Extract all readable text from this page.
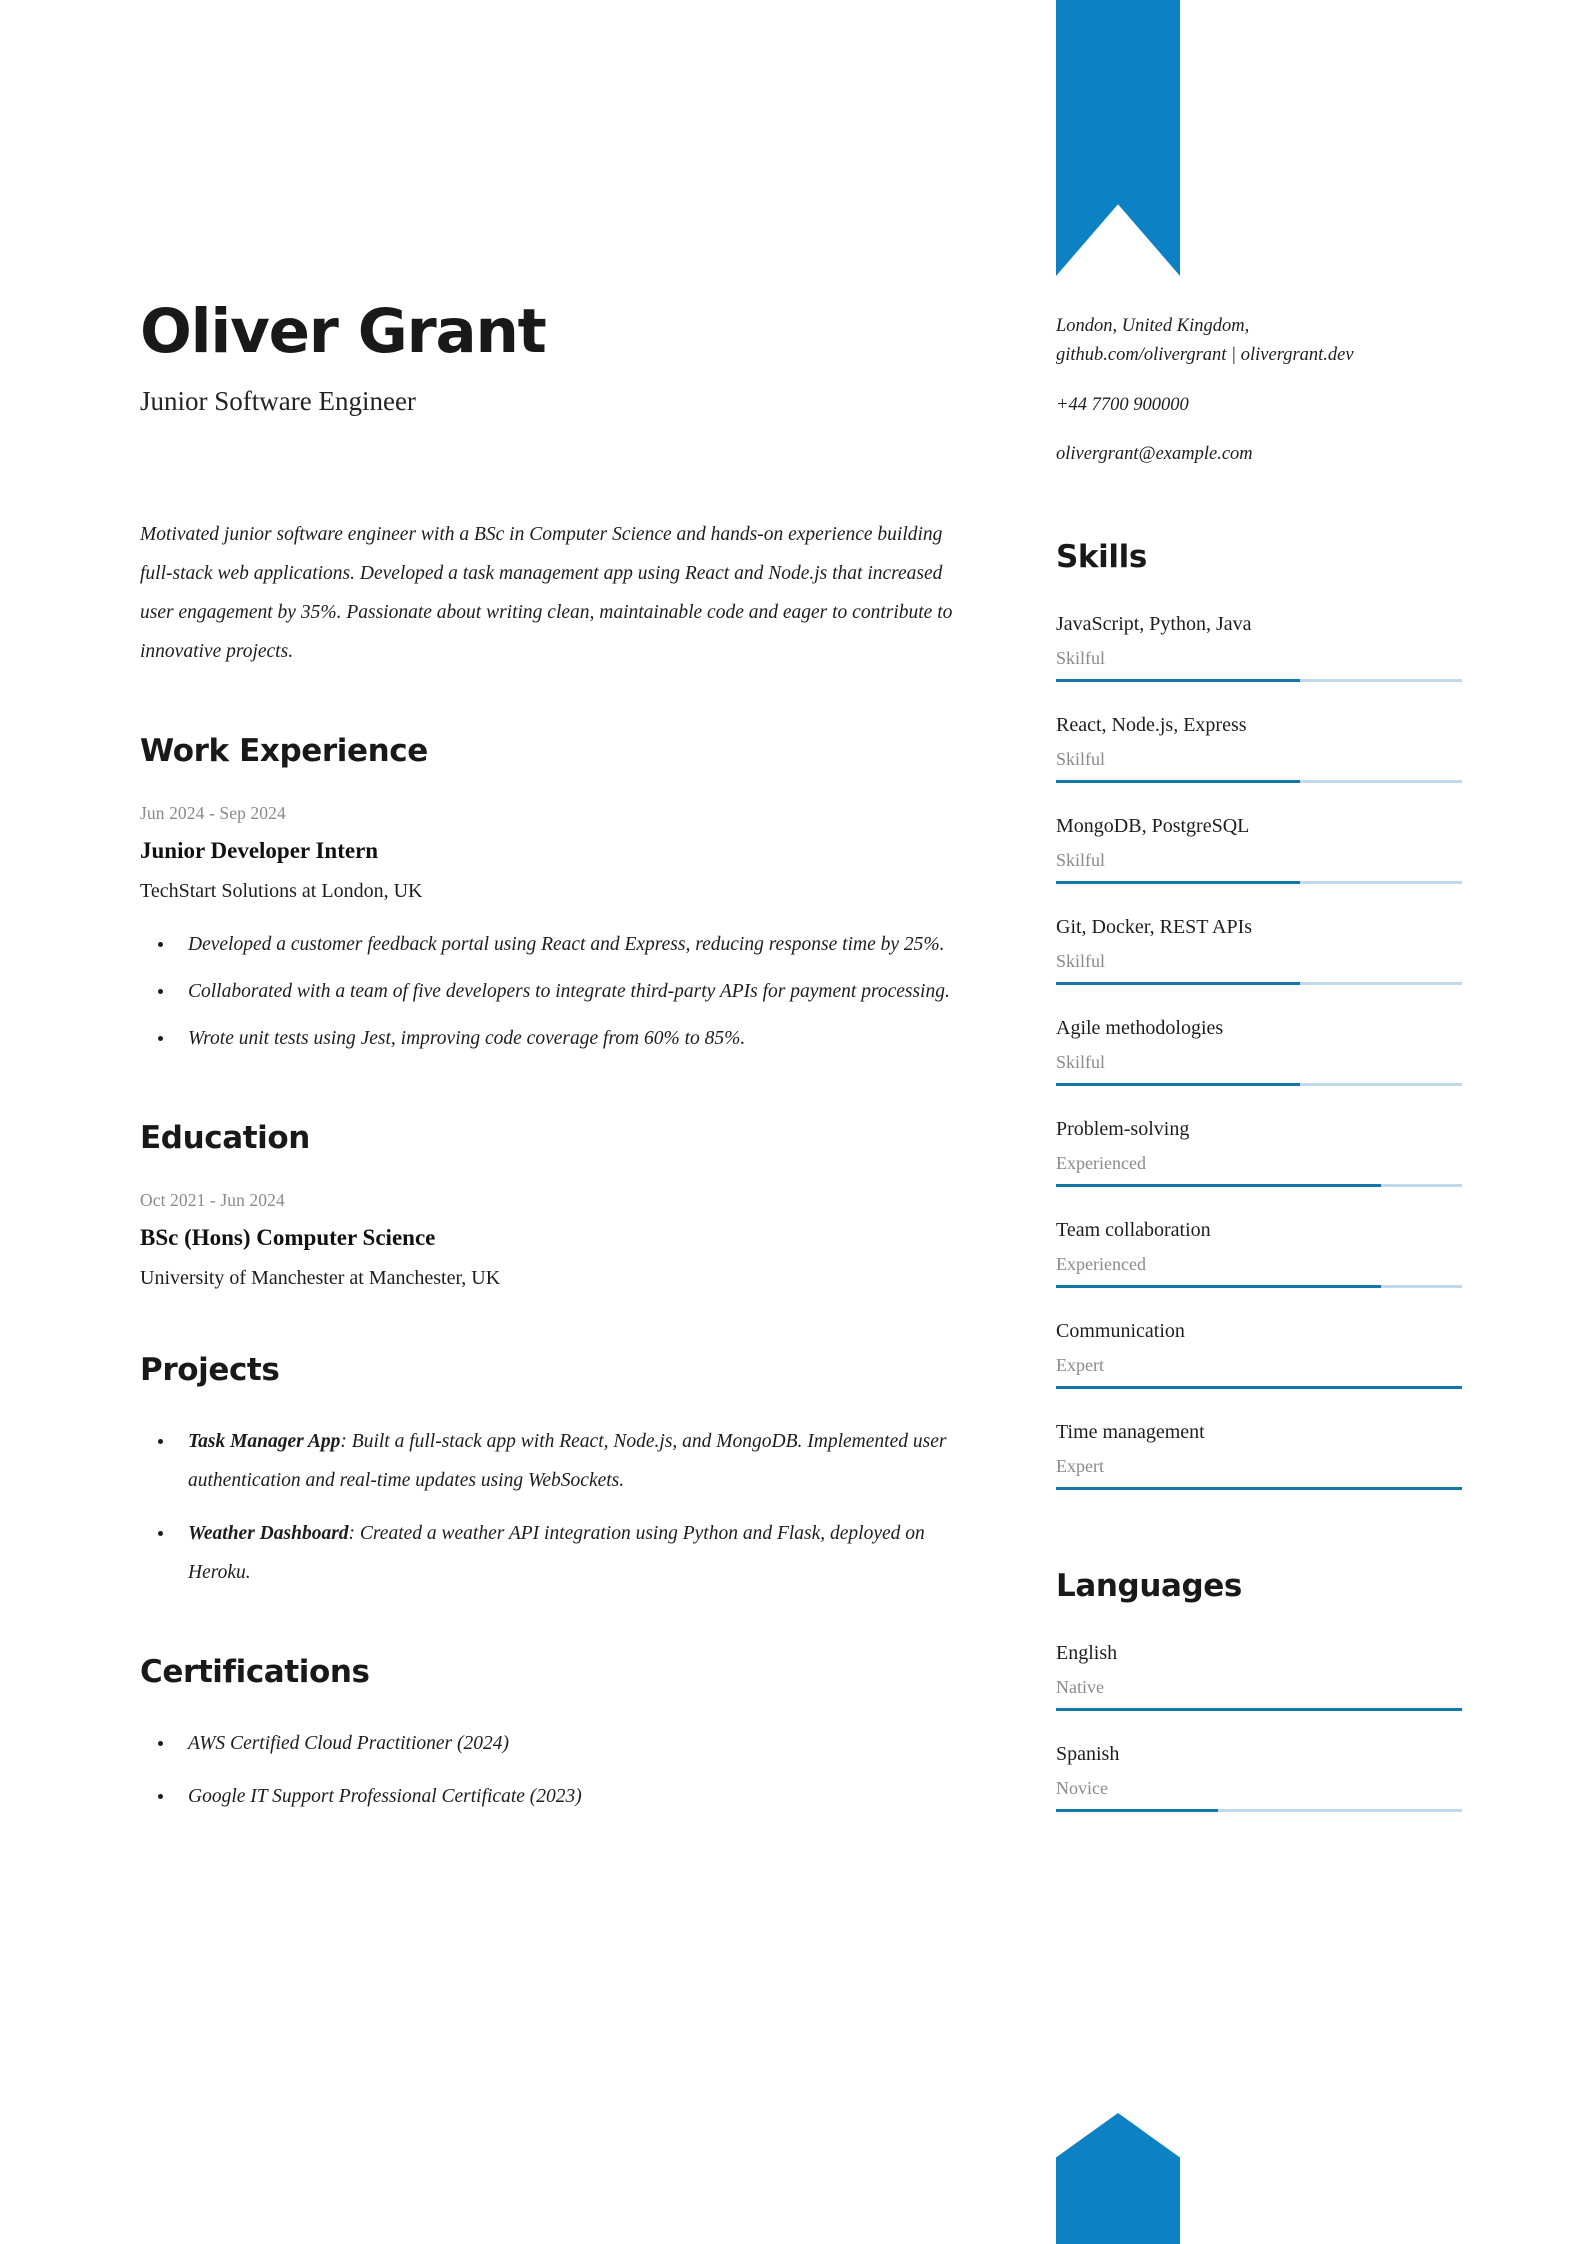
Oliver Grant

Junior Software Engineer

Motivated junior software engineer with a BSc in Computer Science and hands-on experience building full-stack web applications. Developed a task management app using React and Node.js that increased user engagement by 35%. Passionate about writing clean, maintainable code and eager to contribute to innovative projects.

Work Experience

Jun 2024 - Sep 2024

Junior Developer Intern

TechStart Solutions at London, UK

Developed a customer feedback portal using React and Express, reducing response time by 25%.
Collaborated with a team of five developers to integrate third-party APIs for payment processing.
Wrote unit tests using Jest, improving code coverage from 60% to 85%.
Education

Oct 2021 - Jun 2024

BSc (Hons) Computer Science

University of Manchester at Manchester, UK

Projects
Task Manager App: Built a full-stack app with React, Node.js, and MongoDB. Implemented user authentication and real-time updates using WebSockets.
Weather Dashboard: Created a weather API integration using Python and Flask, deployed on Heroku.
Certifications
AWS Certified Cloud Practitioner (2024)
Google IT Support Professional Certificate (2023)

London, United Kingdom,
github.com/olivergrant | olivergrant.dev

+44 7700 900000

olivergrant@example.com

Skills

JavaScript, Python, Java

Skilful

React, Node.js, Express

Skilful

MongoDB, PostgreSQL

Skilful

Git, Docker, REST APIs

Skilful

Agile methodologies

Skilful

Problem-solving

Experienced

Team collaboration

Experienced

Communication

Expert

Time management

Expert

Languages

English

Native

Spanish

Novice
